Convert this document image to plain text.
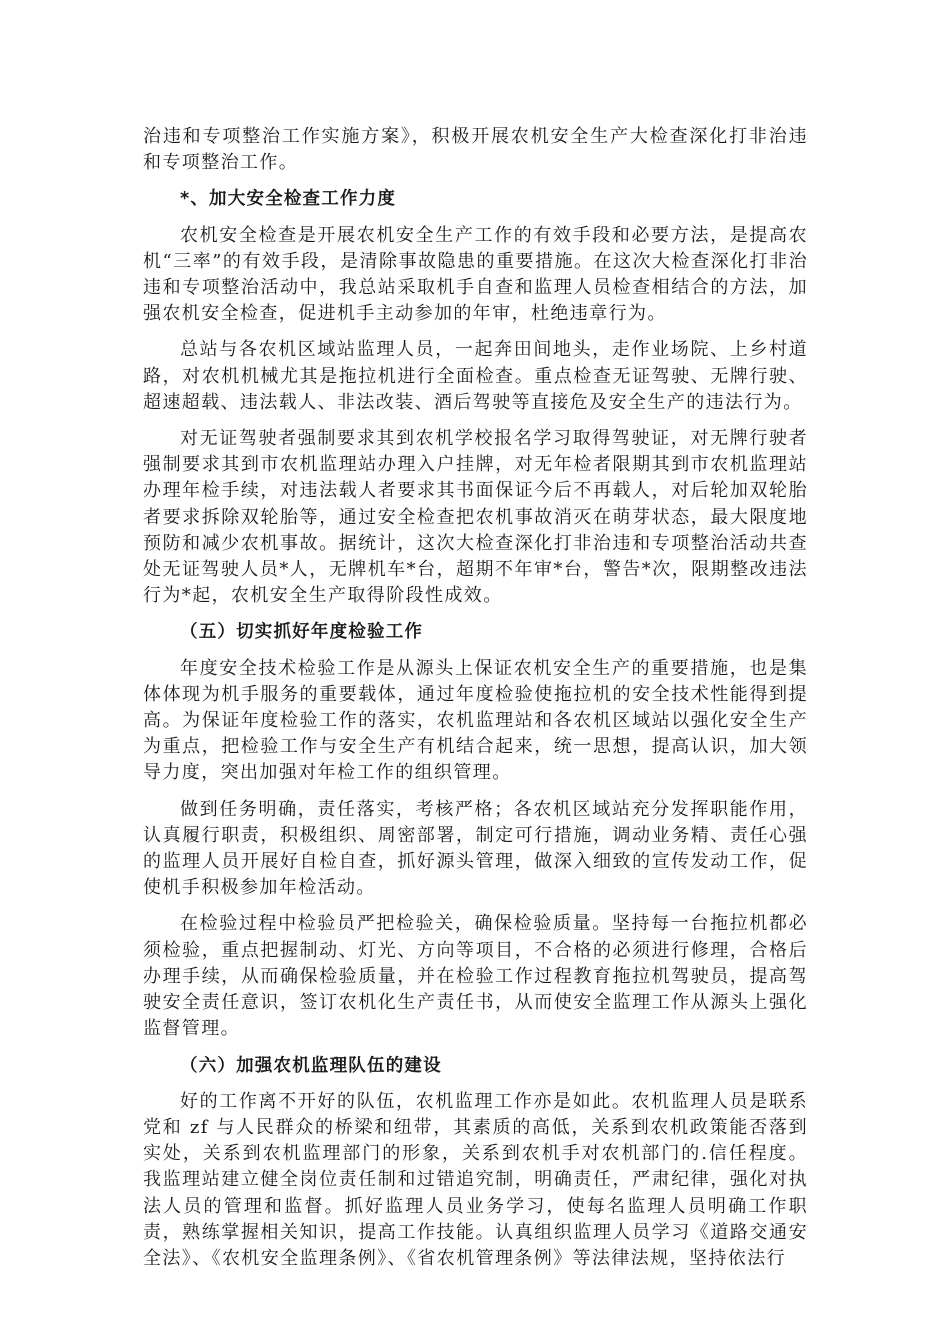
治违和专项整治工作实施方案》，积极开展农机安全生产大检查深化打非治违和专项整治工作。

*、加大安全检查工作力度

农机安全检查是开展农机安全生产工作的有效手段和必要方法，是提高农机“三率”的有效手段，是清除事故隐患的重要措施。在这次大检查深化打非治违和专项整治活动中，我总站采取机手自查和监理人员检查相结合的方法，加强农机安全检查，促进机手主动参加的年审，杜绝违章行为。

总站与各农机区域站监理人员，一起奔田间地头，走作业场院、上乡村道路，对农机机械尤其是拖拉机进行全面检查。重点检查无证驾驶、无牌行驶、超速超载、违法载人、非法改装、酒后驾驶等直接危及安全生产的违法行为。

对无证驾驶者强制要求其到农机学校报名学习取得驾驶证，对无牌行驶者强制要求其到市农机监理站办理入户挂牌，对无年检者限期其到市农机监理站办理年检手续，对违法载人者要求其书面保证今后不再载人，对后轮加双轮胎者要求拆除双轮胎等，通过安全检查把农机事故消灭在萌芽状态，最大限度地预防和减少农机事故。据统计，这次大检查深化打非治违和专项整治活动共查处无证驾驶人员*人，无牌机车*台，超期不年审*台，警告*次，限期整改违法行为*起，农机安全生产取得阶段性成效。

（五）切实抓好年度检验工作

年度安全技术检验工作是从源头上保证农机安全生产的重要措施，也是集体体现为机手服务的重要载体，通过年度检验使拖拉机的安全技术性能得到提高。为保证年度检验工作的落实，农机监理站和各农机区域站以强化安全生产为重点，把检验工作与安全生产有机结合起来，统一思想，提高认识，加大领导力度，突出加强对年检工作的组织管理。

做到任务明确，责任落实，考核严格；各农机区域站充分发挥职能作用，认真履行职责，积极组织、周密部署，制定可行措施，调动业务精、责任心强的监理人员开展好自检自查，抓好源头管理，做深入细致的宣传发动工作，促使机手积极参加年检活动。

在检验过程中检验员严把检验关，确保检验质量。坚持每一台拖拉机都必须检验，重点把握制动、灯光、方向等项目，不合格的必须进行修理，合格后办理手续，从而确保检验质量，并在检验工作过程教育拖拉机驾驶员，提高驾驶安全责任意识，签订农机化生产责任书，从而使安全监理工作从源头上强化监督管理。

（六）加强农机监理队伍的建设

好的工作离不开好的队伍，农机监理工作亦是如此。农机监理人员是联系党和 zf 与人民群众的桥梁和纽带，其素质的高低，关系到农机政策能否落到实处，关系到农机监理部门的形象，关系到农机手对农机部门的.信任程度。我监理站建立健全岗位责任制和过错追究制，明确责任，严肃纪律，强化对执法人员的管理和监督。抓好监理人员业务学习，使每名监理人员明确工作职责，熟练掌握相关知识，提高工作技能。认真组织监理人员学习《道路交通安全法》、《农机安全监理条例》、《省农机管理条例》等法律法规，坚持依法行
